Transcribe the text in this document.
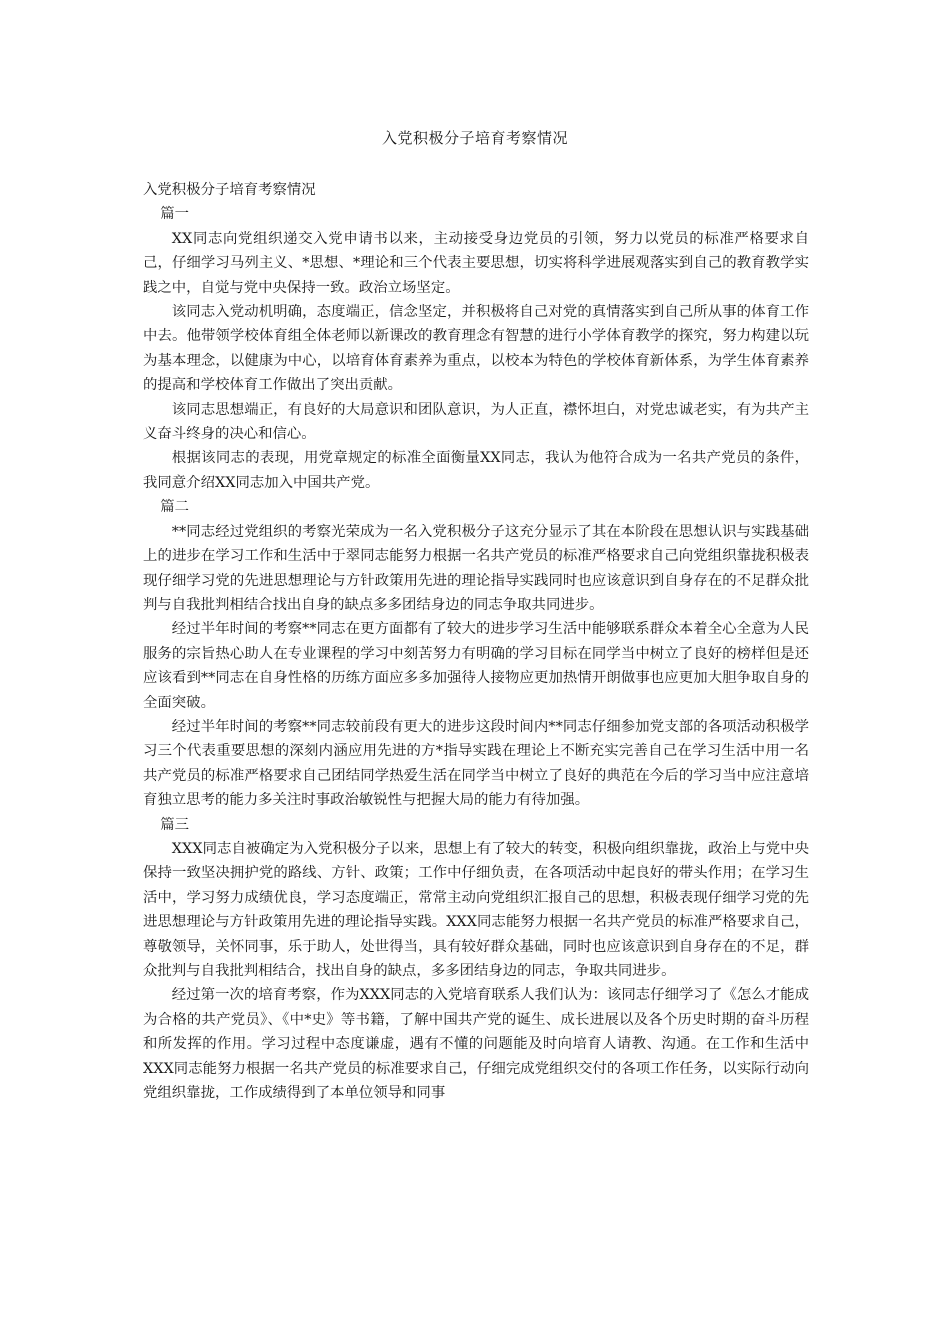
入党积极分子培育考察情况

入党积极分子培育考察情况

篇一

XX同志向党组织递交入党申请书以来，主动接受身边党员的引领，努力以党员的标准严格要求自己，仔细学习马列主义、*思想、*理论和三个代表主要思想，切实将科学进展观落实到自己的教育教学实践之中，自觉与党中央保持一致。政治立场坚定。

该同志入党动机明确，态度端正，信念坚定，并积极将自己对党的真情落实到自己所从事的体育工作中去。他带领学校体育组全体老师以新课改的教育理念有智慧的进行小学体育教学的探究，努力构建以玩为基本理念，以健康为中心，以培育体育素养为重点，以校本为特色的学校体育新体系，为学生体育素养的提高和学校体育工作做出了突出贡献。

该同志思想端正，有良好的大局意识和团队意识，为人正直，襟怀坦白，对党忠诚老实，有为共产主义奋斗终身的决心和信心。

根据该同志的表现，用党章规定的标准全面衡量XX同志，我认为他符合成为一名共产党员的条件，我同意介绍XX同志加入中国共产党。

篇二

**同志经过党组织的考察光荣成为一名入党积极分子这充分显示了其在本阶段在思想认识与实践基础上的进步在学习工作和生活中于翠同志能努力根据一名共产党员的标准严格要求自己向党组织靠拢积极表现仔细学习党的先进思想理论与方针政策用先进的理论指导实践同时也应该意识到自身存在的不足群众批判与自我批判相结合找出自身的缺点多多团结身边的同志争取共同进步。

经过半年时间的考察**同志在更方面都有了较大的进步学习生活中能够联系群众本着全心全意为人民服务的宗旨热心助人在专业课程的学习中刻苦努力有明确的学习目标在同学当中树立了良好的榜样但是还应该看到**同志在自身性格的历练方面应多多加强待人接物应更加热情开朗做事也应更加大胆争取自身的全面突破。

经过半年时间的考察**同志较前段有更大的进步这段时间内**同志仔细参加党支部的各项活动积极学习三个代表重要思想的深刻内涵应用先进的方*指导实践在理论上不断充实完善自己在学习生活中用一名共产党员的标准严格要求自己团结同学热爱生活在同学当中树立了良好的典范在今后的学习当中应注意培育独立思考的能力多关注时事政治敏锐性与把握大局的能力有待加强。

篇三

XXX同志自被确定为入党积极分子以来，思想上有了较大的转变，积极向组织靠拢，政治上与党中央保持一致坚决拥护党的路线、方针、政策；工作中仔细负责，在各项活动中起良好的带头作用；在学习生活中，学习努力成绩优良，学习态度端正，常常主动向党组织汇报自己的思想，积极表现仔细学习党的先进思想理论与方针政策用先进的理论指导实践。XXX同志能努力根据一名共产党员的标准严格要求自己，尊敬领导，关怀同事，乐于助人，处世得当，具有较好群众基础，同时也应该意识到自身存在的不足，群众批判与自我批判相结合，找出自身的缺点，多多团结身边的同志，争取共同进步。

经过第一次的培育考察，作为XXX同志的入党培育联系人我们认为：该同志仔细学习了《怎么才能成为合格的共产党员》、《中*史》等书籍，了解中国共产党的诞生、成长进展以及各个历史时期的奋斗历程和所发挥的作用。学习过程中态度谦虚，遇有不懂的问题能及时向培育人请教、沟通。在工作和生活中XXX同志能努力根据一名共产党员的标准要求自己，仔细完成党组织交付的各项工作任务，以实际行动向党组织靠拢，工作成绩得到了本单位领导和同事
